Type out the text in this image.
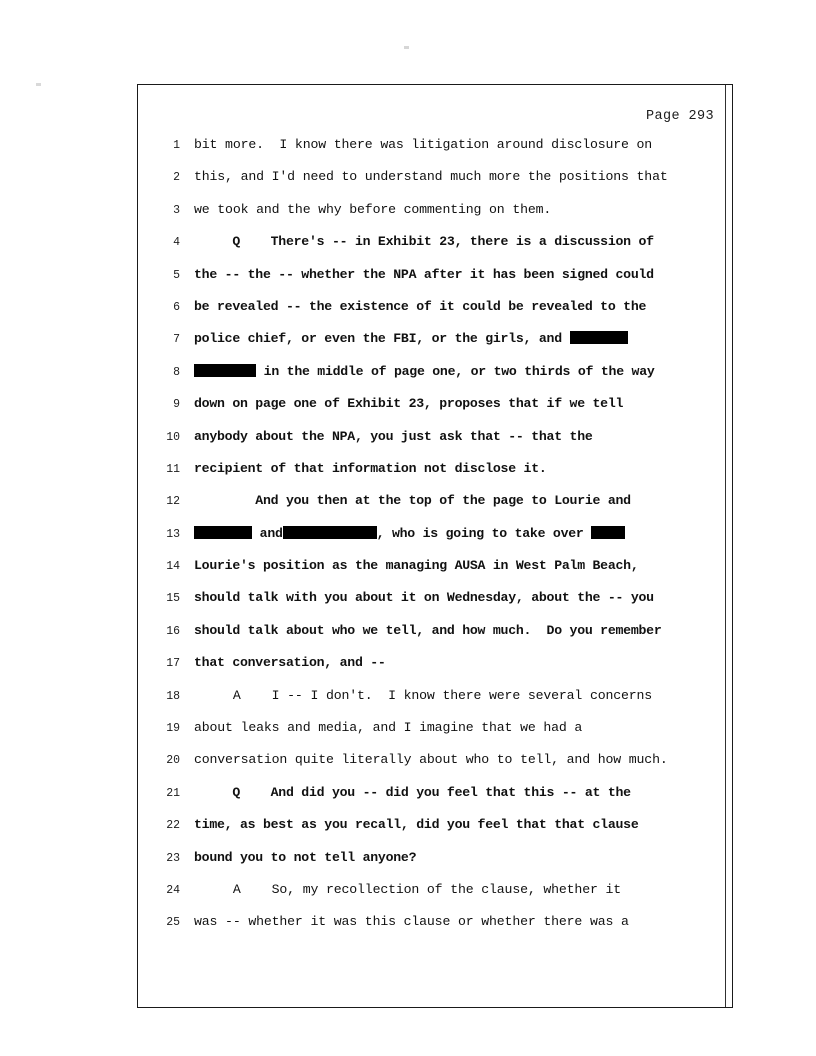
Page 293
1 bit more.  I know there was litigation around disclosure on
2 this, and I'd need to understand much more the positions that
3 we took and the why before commenting on them.
4 Q    There's -- in Exhibit 23, there is a discussion of
5 the -- the -- whether the NPA after it has been signed could
6 be revealed -- the existence of it could be revealed to the
7 police chief, or even the FBI, or the girls, and
8	in the middle of page one, or two thirds of the way
9 down on page one of Exhibit 23, proposes that if we tell
10 anybody about the NPA, you just ask that -- that the
11 recipient of that information not disclose it.
12 And you then at the top of the page to Lourie and
13	and	, who is going to take over
14 Lourie's position as the managing AUSA in West Palm Beach,
15 should talk with you about it on Wednesday, about the -- you
16 should talk about who we tell, and how much.  Do you remember
17 that conversation, and --
18 A    I -- I don't.  I know there were several concerns
19 about leaks and media, and I imagine that we had a
20 conversation quite literally about who to tell, and how much.
21 Q    And did you -- did you feel that this -- at the
22 time, as best as you recall, did you feel that that clause
23 bound you to not tell anyone?
24 A    So, my recollection of the clause, whether it
25 was -- whether it was this clause or whether there was a
